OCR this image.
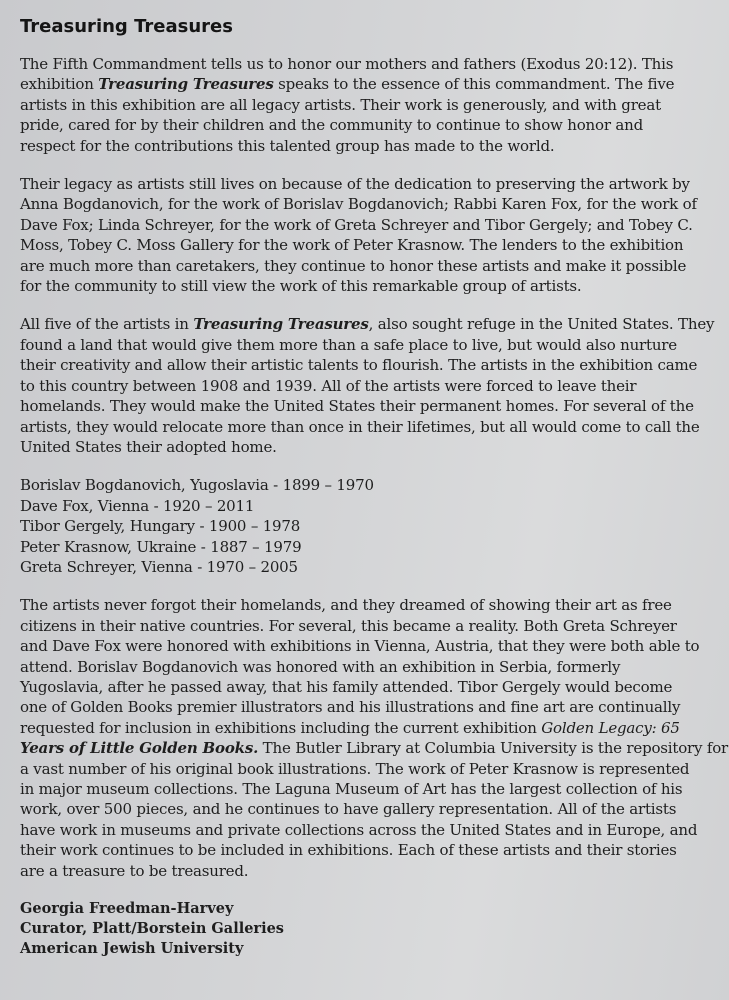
Treasuring Treasures

The Fifth Commandment tells us to honor our mothers and fathers (Exodus 20:12). This
exhibition Treasuring Treasures speaks to the essence of this commandment. The five
artists in this exhibition are all legacy artists. Their work is generously, and with great
pride, cared for by their children and the community to continue to show honor and
respect for the contributions this talented group has made to the world.

Their legacy as artists still lives on because of the dedication to preserving the artwork by
Anna Bogdanovich, for the work of Borislav Bogdanovich; Rabbi Karen Fox, for the work of
Dave Fox; Linda Schreyer, for the work of Greta Schreyer and Tibor Gergely; and Tobey C.
Moss, Tobey C. Moss Gallery for the work of Peter Krasnow. The lenders to the exhibition
are much more than caretakers, they continue to honor these artists and make it possible
for the community to still view the work of this remarkable group of artists.

All five of the artists in Treasuring Treasures, also sought refuge in the United States. They
found a land that would give them more than a safe place to live, but would also nurture
their creativity and allow their artistic talents to flourish. The artists in the exhibition came
to this country between 1908 and 1939. All of the artists were forced to leave their
homelands. They would make the United States their permanent homes. For several of the
artists, they would relocate more than once in their lifetimes, but all would come to call the
United States their adopted home.

Borislav Bogdanovich, Yugoslavia - 1899 – 1970
Dave Fox, Vienna - 1920 – 2011
Tibor Gergely, Hungary - 1900 – 1978
Peter Krasnow, Ukraine - 1887 – 1979
Greta Schreyer, Vienna - 1970 – 2005

The artists never forgot their homelands, and they dreamed of showing their art as free
citizens in their native countries. For several, this became a reality. Both Greta Schreyer
and Dave Fox were honored with exhibitions in Vienna, Austria, that they were both able to
attend. Borislav Bogdanovich was honored with an exhibition in Serbia, formerly
Yugoslavia, after he passed away, that his family attended. Tibor Gergely would become
one of Golden Books premier illustrators and his illustrations and fine art are continually
requested for inclusion in exhibitions including the current exhibition Golden Legacy: 65
Years of Little Golden Books. The Butler Library at Columbia University is the repository for
a vast number of his original book illustrations. The work of Peter Krasnow is represented
in major museum collections. The Laguna Museum of Art has the largest collection of his
work, over 500 pieces, and he continues to have gallery representation. All of the artists
have work in museums and private collections across the United States and in Europe, and
their work continues to be included in exhibitions. Each of these artists and their stories
are a treasure to be treasured.

Georgia Freedman-Harvey
Curator, Platt/Borstein Galleries
American Jewish University
